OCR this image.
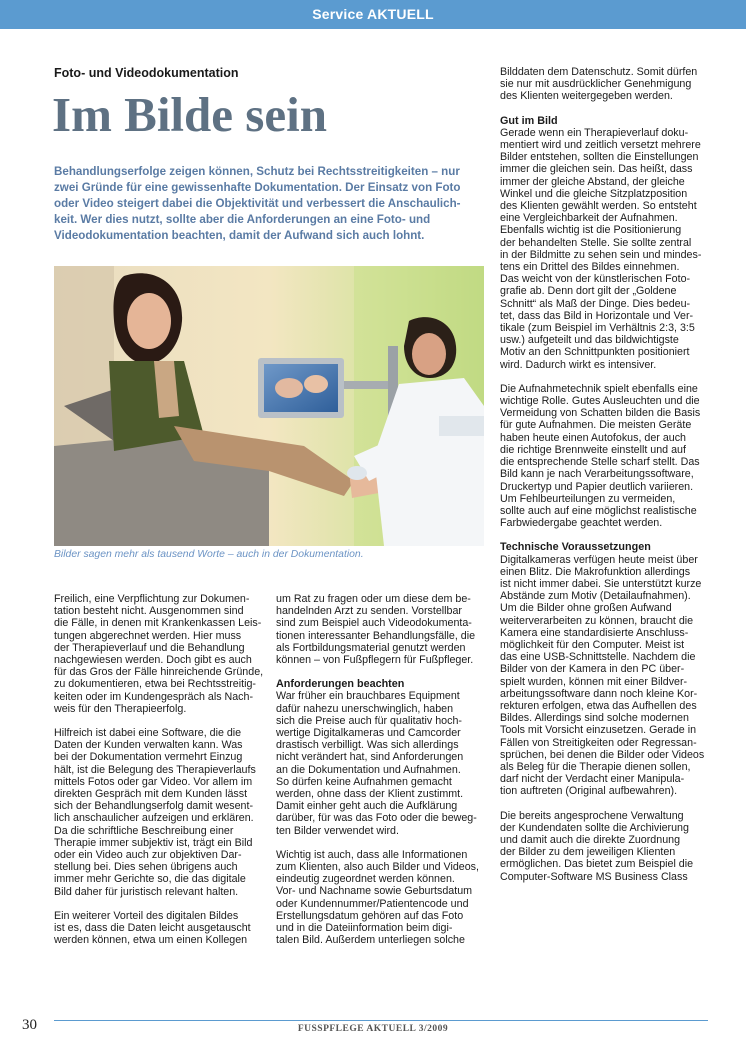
Service AKTUELL
Foto- und Videodokumentation
Im Bilde sein
Behandlungserfolge zeigen können, Schutz bei Rechtsstreitigkeiten – nur
zwei Gründe für eine gewissenhafte Dokumentation. Der Einsatz von Foto
oder Video steigert dabei die Objektivität und verbessert die Anschaulich-
keit. Wer dies nutzt, sollte aber die Anforderungen an eine Foto- und
Videodokumentation beachten, damit der Aufwand sich auch lohnt.
Bilder sagen mehr als tausend Worte – auch in der Dokumentation.

Freilich, eine Verpflichtung zur Dokumen-
tation besteht nicht. Ausgenommen sind
die Fälle, in denen mit Krankenkassen Leis-
tungen abgerechnet werden. Hier muss
der Therapieverlauf und die Behandlung
nachgewiesen werden. Doch gibt es auch
für das Gros der Fälle hinreichende Gründe,
zu dokumentieren, etwa bei Rechtsstreitig-
keiten oder im Kundengespräch als Nach-
weis für den Therapieerfolg.

Hilfreich ist dabei eine Software, die die
Daten der Kunden verwalten kann. Was
bei der Dokumentation vermehrt Einzug
hält, ist die Belegung des Therapieverlaufs
mittels Fotos oder gar Video. Vor allem im
direkten Gespräch mit dem Kunden lässt
sich der Behandlungserfolg damit wesent-
lich anschaulicher aufzeigen und erklären.
Da die schriftliche Beschreibung einer
Therapie immer subjektiv ist, trägt ein Bild
oder ein Video auch zur objektiven Dar-
stellung bei. Dies sehen übrigens auch
immer mehr Gerichte so, die das digitale
Bild daher für juristisch relevant halten.

Ein weiterer Vorteil des digitalen Bildes
ist es, dass die Daten leicht ausgetauscht
werden können, etwa um einen Kollegen

um Rat zu fragen oder um diese dem be-
handelnden Arzt zu senden. Vorstellbar
sind zum Beispiel auch Videodokumenta-
tionen interessanter Behandlungsfälle, die
als Fortbildungsmaterial genutzt werden
können – von Fußpflegern für Fußpfleger.

Anforderungen beachten

War früher ein brauchbares Equipment
dafür nahezu unerschwinglich, haben
sich die Preise auch für qualitativ hoch-
wertige Digitalkameras und Camcorder
drastisch verbilligt. Was sich allerdings
nicht verändert hat, sind Anforderungen
an die Dokumentation und Aufnahmen.
So dürfen keine Aufnahmen gemacht
werden, ohne dass der Klient zustimmt.
Damit einher geht auch die Aufklärung
darüber, für was das Foto oder die beweg-
ten Bilder verwendet wird.

Wichtig ist auch, dass alle Informationen
zum Klienten, also auch Bilder und Videos,
eindeutig zugeordnet werden können.
Vor- und Nachname sowie Geburtsdatum
oder Kundennummer/Patientencode und
Erstellungsdatum gehören auf das Foto
und in die Dateiinformation beim digi-
talen Bild. Außerdem unterliegen solche

Bilddaten dem Datenschutz. Somit dürfen
sie nur mit ausdrücklicher Genehmigung
des Klienten weitergegeben werden.

Gut im Bild

Gerade wenn ein Therapieverlauf doku-
mentiert wird und zeitlich versetzt mehrere
Bilder entstehen, sollten die Einstellungen
immer die gleichen sein. Das heißt, dass
immer der gleiche Abstand, der gleiche
Winkel und die gleiche Sitzplatzposition
des Klienten gewählt werden. So entsteht
eine Vergleichbarkeit der Aufnahmen.
Ebenfalls wichtig ist die Positionierung
der behandelten Stelle. Sie sollte zentral
in der Bildmitte zu sehen sein und mindes-
tens ein Drittel des Bildes einnehmen.
Das weicht von der künstlerischen Foto-
grafie ab. Denn dort gilt der „Goldene
Schnitt“ als Maß der Dinge. Dies bedeu-
tet, dass das Bild in Horizontale und Ver-
tikale (zum Beispiel im Verhältnis 2:3, 3:5
usw.) aufgeteilt und das bildwichtigste
Motiv an den Schnittpunkten positioniert
wird. Dadurch wirkt es intensiver.

Die Aufnahmetechnik spielt ebenfalls eine
wichtige Rolle. Gutes Ausleuchten und die
Vermeidung von Schatten bilden die Basis
für gute Aufnahmen. Die meisten Geräte
haben heute einen Autofokus, der auch
die richtige Brennweite einstellt und auf
die entsprechende Stelle scharf stellt. Das
Bild kann je nach Verarbeitungssoftware,
Druckertyp und Papier deutlich variieren.
Um Fehlbeurteilungen zu vermeiden,
sollte auch auf eine möglichst realistische
Farbwiedergabe geachtet werden.

Technische Voraussetzungen

Digitalkameras verfügen heute meist über
einen Blitz. Die Makrofunktion allerdings
ist nicht immer dabei. Sie unterstützt kurze
Abstände zum Motiv (Detailaufnahmen).
Um die Bilder ohne großen Aufwand
weiterverarbeiten zu können, braucht die
Kamera eine standardisierte Anschluss-
möglichkeit für den Computer. Meist ist
das eine USB-Schnittstelle. Nachdem die
Bilder von der Kamera in den PC über-
spielt wurden, können mit einer Bildver-
arbeitungssoftware dann noch kleine Kor-
rekturen erfolgen, etwa das Aufhellen des
Bildes. Allerdings sind solche modernen
Tools mit Vorsicht einzusetzen. Gerade in
Fällen von Streitigkeiten oder Regressan-
sprüchen, bei denen die Bilder oder Videos
als Beleg für die Therapie dienen sollen,
darf nicht der Verdacht einer Manipula-
tion auftreten (Original aufbewahren).

Die bereits angesprochene Verwaltung
der Kundendaten sollte die Archivierung
und damit auch die direkte Zuordnung
der Bilder zu dem jeweiligen Klienten
ermöglichen. Das bietet zum Beispiel die
Computer-Software MS Business Class

30	FUSSPFLEGE AKTUELL 3/2009
